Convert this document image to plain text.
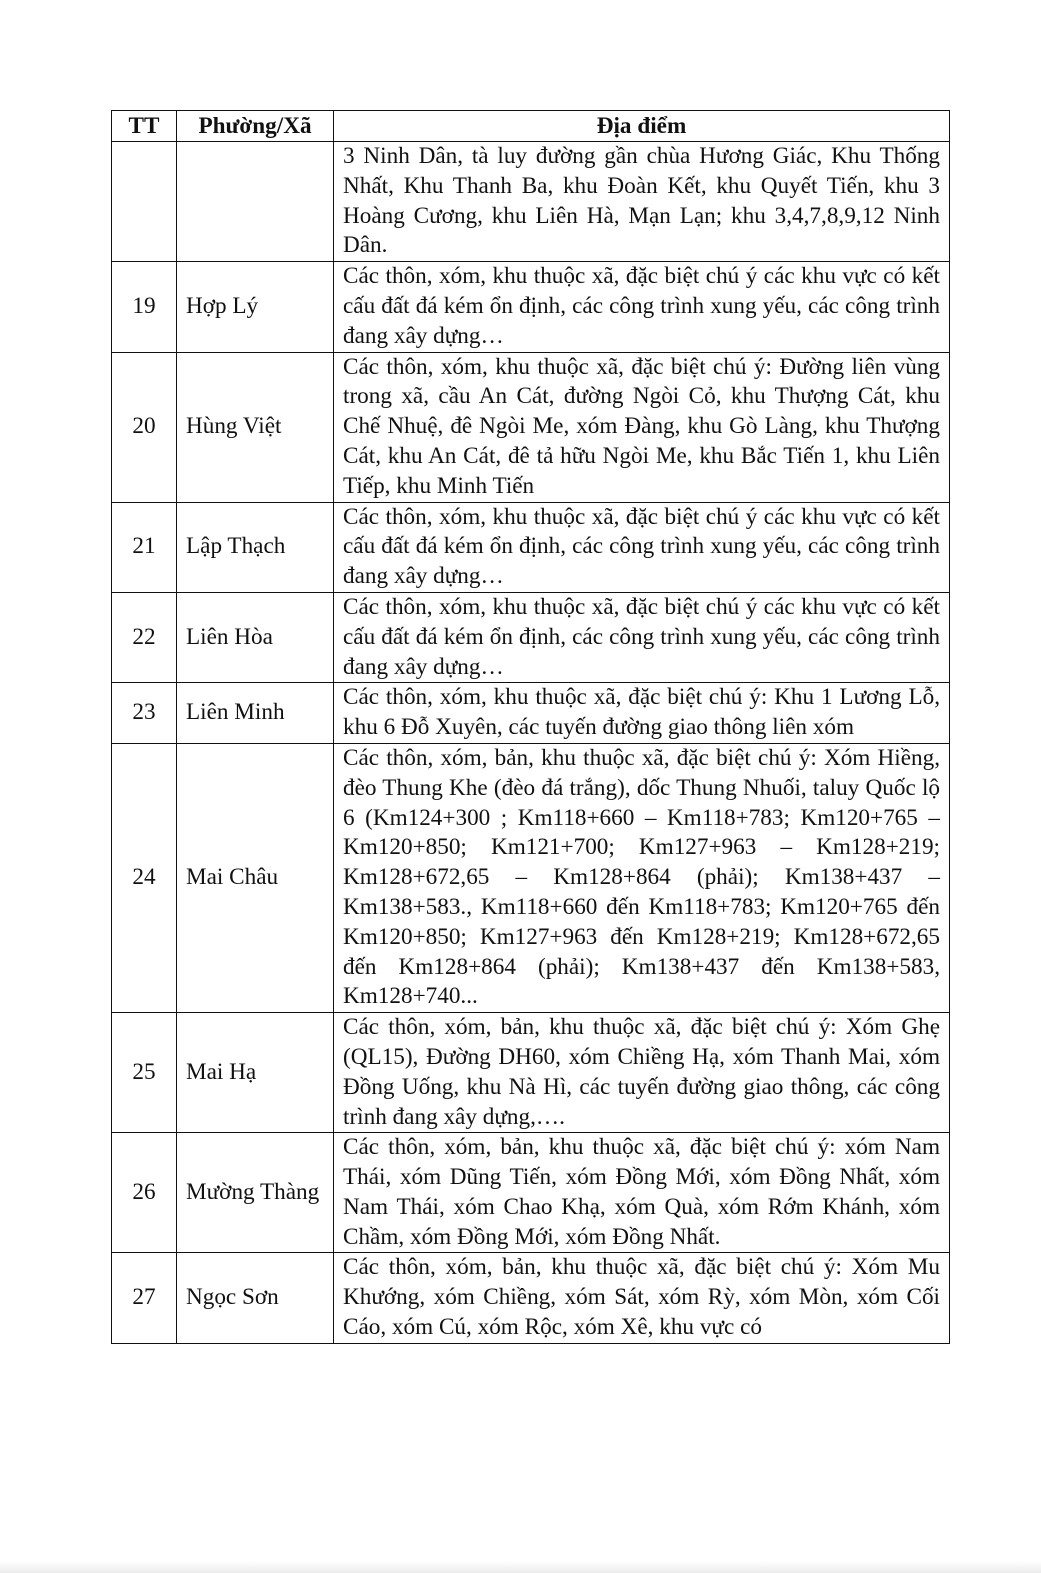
TT	Phường/Xã	Địa điểm
		3 Ninh Dân, tà luy đường gần chùa Hương Giác, Khu Thống Nhất, Khu Thanh Ba, khu Đoàn Kết, khu Quyết Tiến, khu 3 Hoàng Cương, khu Liên Hà, Mạn Lạn; khu 3,4,7,8,9,12 Ninh Dân.
19	Hợp Lý	Các thôn, xóm, khu thuộc xã, đặc biệt chú ý các khu vực có kết cấu đất đá kém ổn định, các công trình xung yếu, các công trình đang xây dựng…
20	Hùng Việt	Các thôn, xóm, khu thuộc xã, đặc biệt chú ý: Đường liên vùng trong xã, cầu An Cát, đường Ngòi Cỏ, khu Thượng Cát, khu Chế Nhuệ, đê Ngòi Me, xóm Đàng, khu Gò Làng, khu Thượng Cát, khu An Cát, đê tả hữu Ngòi Me, khu Bắc Tiến 1, khu Liên Tiếp, khu Minh Tiến
21	Lập Thạch	Các thôn, xóm, khu thuộc xã, đặc biệt chú ý các khu vực có kết cấu đất đá kém ổn định, các công trình xung yếu, các công trình đang xây dựng…
22	Liên Hòa	Các thôn, xóm, khu thuộc xã, đặc biệt chú ý các khu vực có kết cấu đất đá kém ổn định, các công trình xung yếu, các công trình đang xây dựng…
23	Liên Minh	Các thôn, xóm, khu thuộc xã, đặc biệt chú ý: Khu 1 Lương Lỗ, khu 6 Đỗ Xuyên, các tuyến đường giao thông liên xóm
24	Mai Châu	Các thôn, xóm, bản, khu thuộc xã, đặc biệt chú ý: Xóm Hiềng, đèo Thung Khe (đèo đá trắng), dốc Thung Nhuối, taluy Quốc lộ 6 (Km124+300 ; Km118+660 – Km118+783; Km120+765 – Km120+850; Km121+700; Km127+963 – Km128+219; Km128+672,65 – Km128+864 (phải); Km138+437 – Km138+583., Km118+660 đến Km118+783; Km120+765 đến Km120+850; Km127+963 đến Km128+219; Km128+672,65 đến Km128+864 (phải); Km138+437 đến Km138+583, Km128+740...
25	Mai Hạ	Các thôn, xóm, bản, khu thuộc xã, đặc biệt chú ý: Xóm Ghẹ (QL15), Đường DH60, xóm Chiềng Hạ, xóm Thanh Mai, xóm Đồng Uống, khu Nà Hì, các tuyến đường giao thông, các công trình đang xây dựng,….
26	Mường Thàng	Các thôn, xóm, bản, khu thuộc xã, đặc biệt chú ý: xóm Nam Thái, xóm Dũng Tiến, xóm Đồng Mới, xóm Đồng Nhất, xóm Nam Thái, xóm Chao Khạ, xóm Quà, xóm Rớm Khánh, xóm Chầm, xóm Đồng Mới, xóm Đồng Nhất.
27	Ngọc Sơn	Các thôn, xóm, bản, khu thuộc xã, đặc biệt chú ý: Xóm Mu Khướng, xóm Chiềng, xóm Sát, xóm Rỳ, xóm Mòn, xóm Cối Cáo, xóm Cú, xóm Rộc, xóm Xê, khu vực có
